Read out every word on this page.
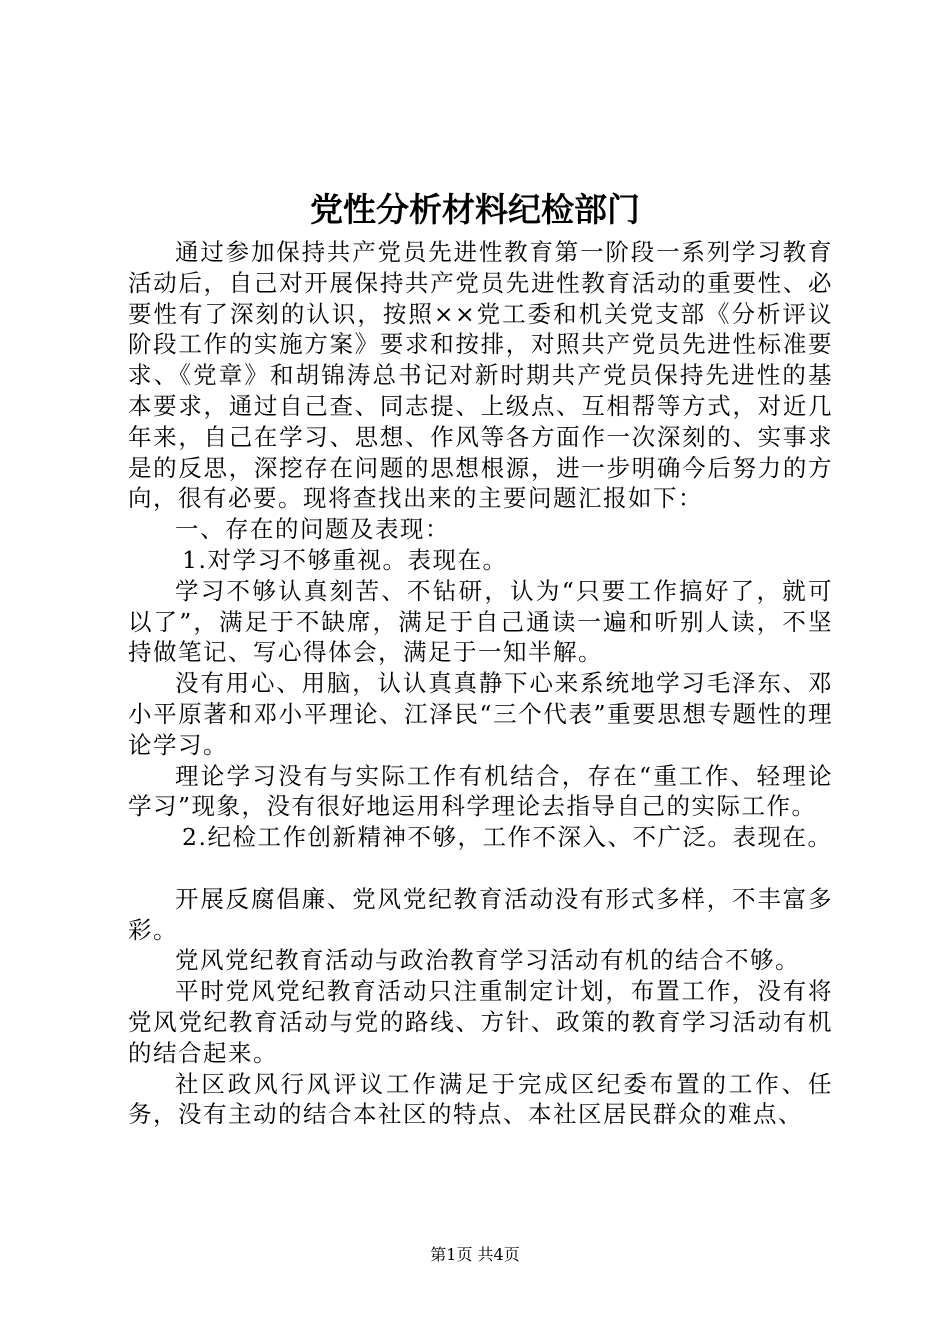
党性分析材料纪检部门

通过参加保持共产党员先进性教育第一阶段一系列学习教育活动后，自己对开展保持共产党员先进性教育活动的重要性、必要性有了深刻的认识，按照××党工委和机关党支部《分析评议阶段工作的实施方案》要求和按排，对照共产党员先进性标准要求、《党章》和胡锦涛总书记对新时期共产党员保持先进性的基本要求，通过自己查、同志提、上级点、互相帮等方式，对近几年来，自己在学习、思想、作风等各方面作一次深刻的、实事求是的反思，深挖存在问题的思想根源，进一步明确今后努力的方向，很有必要。现将查找出来的主要问题汇报如下：

一、存在的问题及表现：

1.对学习不够重视。表现在。

学习不够认真刻苦、不钻研，认为“只要工作搞好了，就可以了”，满足于不缺席，满足于自己通读一遍和听别人读，不坚持做笔记、写心得体会，满足于一知半解。

没有用心、用脑，认认真真静下心来系统地学习毛泽东、邓小平原著和邓小平理论、江泽民“三个代表”重要思想专题性的理论学习。

理论学习没有与实际工作有机结合，存在“重工作、轻理论学习”现象，没有很好地运用科学理论去指导自己的实际工作。

2.纪检工作创新精神不够，工作不深入、不广泛。表现在。

开展反腐倡廉、党风党纪教育活动没有形式多样，不丰富多彩。

党风党纪教育活动与政治教育学习活动有机的结合不够。

平时党风党纪教育活动只注重制定计划，布置工作，没有将党风党纪教育活动与党的路线、方针、政策的教育学习活动有机的结合起来。

社区政风行风评议工作满足于完成区纪委布置的工作、任务，没有主动的结合本社区的特点、本社区居民群众的难点、

第1页 共4页
